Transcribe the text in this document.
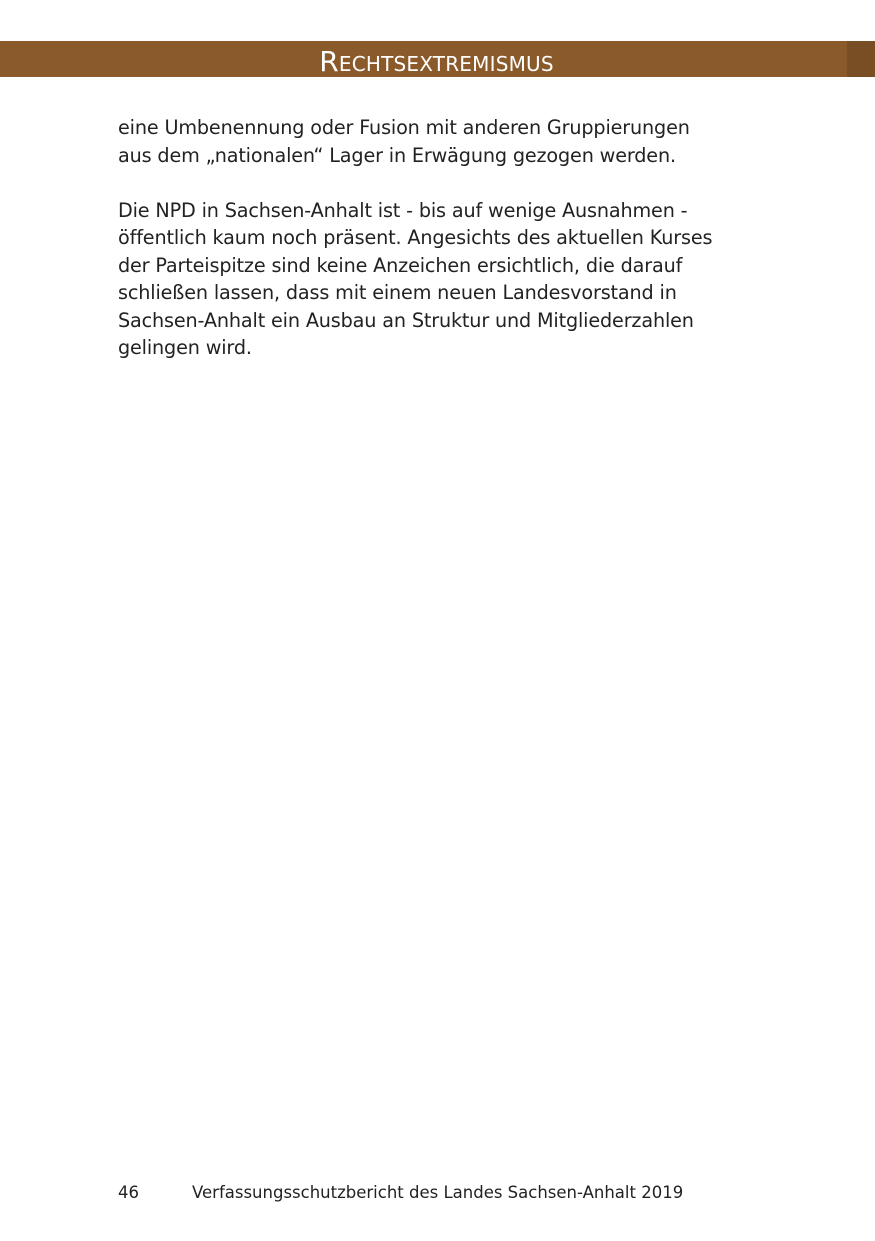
Rechtsextremismus

eine Umbenennung oder Fusion mit anderen Gruppierungen
aus dem „nationalen“ Lager in Erwägung gezogen werden.

Die NPD in Sachsen-Anhalt ist - bis auf wenige Ausnahmen -
öffentlich kaum noch präsent. Angesichts des aktuellen Kurses
der Parteispitze sind keine Anzeichen ersichtlich, die darauf
schließen lassen, dass mit einem neuen Landesvorstand in
Sachsen-Anhalt ein Ausbau an Struktur und Mitgliederzahlen
gelingen wird.

46	Verfassungsschutzbericht des Landes Sachsen-Anhalt 2019
